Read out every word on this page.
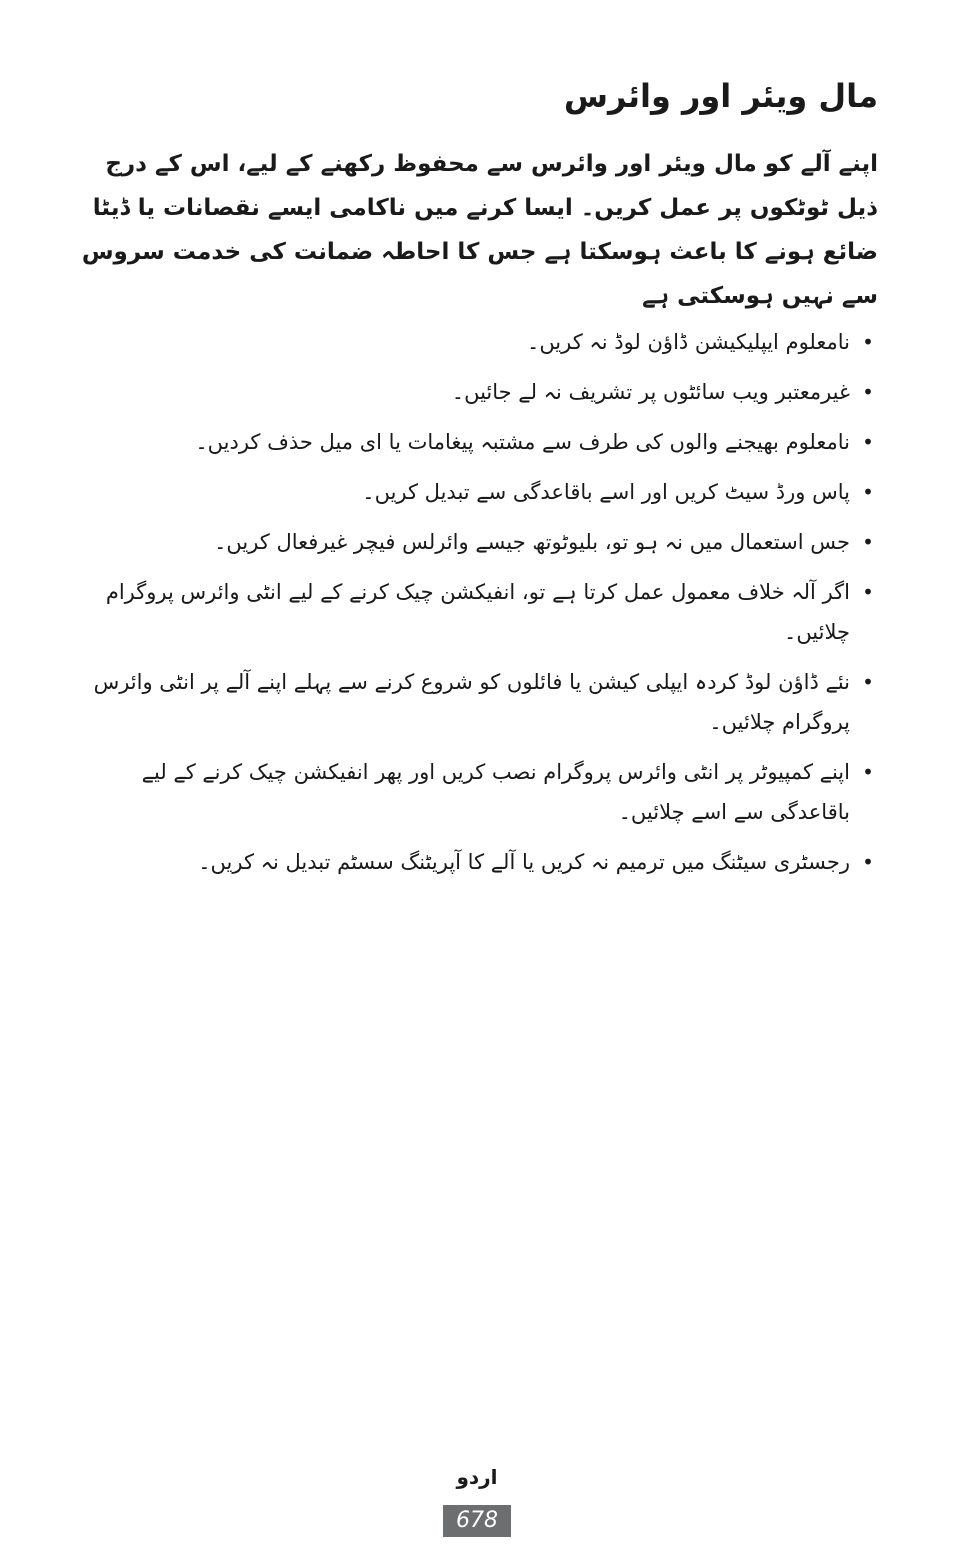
مال ویئر اور وائرس

اپنے آلے کو مال ویئر اور وائرس سے محفوظ رکھنے کے لیے، اس کے درج ذیل ٹوٹکوں پر عمل کریں۔ ایسا کرنے میں ناکامی ایسے نقصانات یا ڈیٹا ضائع ہونے کا باعث ہوسکتا ہے جس کا احاطہ ضمانت کی خدمت سروس سے نہیں ہوسکتی ہے

•
نامعلوم ایپلیکیشن ڈاؤن لوڈ نہ کریں۔
•
غیرمعتبر ویب سائٹوں پر تشریف نہ لے جائیں۔
•
نامعلوم بھیجنے والوں کی طرف سے مشتبہ پیغامات یا ای میل حذف کردیں۔
•
پاس ورڈ سیٹ کریں اور اسے باقاعدگی سے تبدیل کریں۔
•
جس استعمال میں نہ ہو تو، بلیوٹوتھ جیسے وائرلس فیچر غیرفعال کریں۔
•
اگر آلہ خلاف معمول عمل کرتا ہے تو، انفیکشن چیک کرنے کے لیے انٹی وائرس پروگرام چلائیں۔
•
نئے ڈاؤن لوڈ کردہ ایپلی کیشن یا فائلوں کو شروع کرنے سے پہلے اپنے آلے پر انٹی وائرس پروگرام چلائیں۔
•
اپنے کمپیوٹر پر انٹی وائرس پروگرام نصب کریں اور پھر انفیکشن چیک کرنے کے لیے باقاعدگی سے اسے چلائیں۔
•
رجسٹری سیٹنگ میں ترمیم نہ کریں یا آلے کا آپریٹنگ سسٹم تبدیل نہ کریں۔
اردو
678
